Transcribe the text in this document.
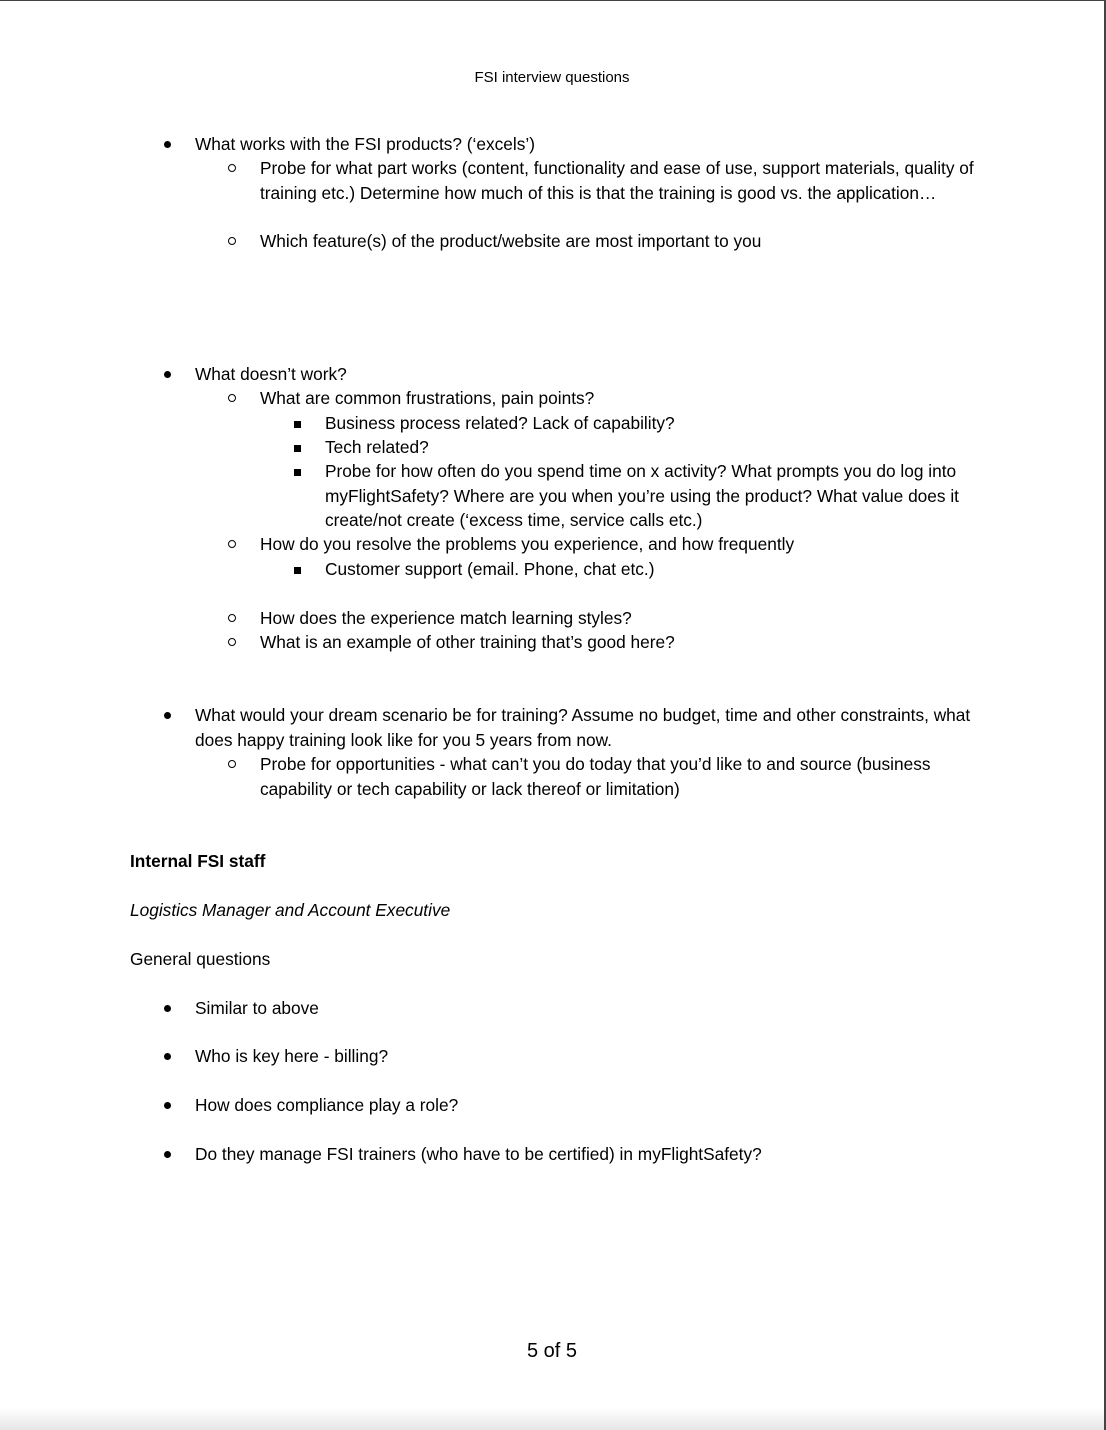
FSI interview questions
What works with the FSI products? (‘excels’)
Probe for what part works (content, functionality and ease of use, support materials, quality of training etc.) Determine how much of this is that the training is good vs. the application…
Which feature(s) of the product/website are most important to you
What doesn’t work?
What are common frustrations, pain points?
Business process related? Lack of capability?
Tech related?
Probe for how often do you spend time on x activity? What prompts you do log into myFlightSafety? Where are you when you’re using the product? What value does it create/not create (‘excess time, service calls etc.)
How do you resolve the problems you experience, and how frequently
Customer support (email. Phone, chat etc.)
How does the experience match learning styles?
What is an example of other training that’s good here?
What would your dream scenario be for training? Assume no budget, time and other constraints, what does happy training look like for you 5 years from now.
Probe for opportunities - what can’t you do today that you’d like to and source (business capability or tech capability or lack thereof or limitation)
Internal FSI staff
Logistics Manager and Account Executive
General questions
Similar to above
Who is key here - billing?
How does compliance play a role?
Do they manage FSI trainers (who have to be certified) in myFlightSafety?
5 of 5
